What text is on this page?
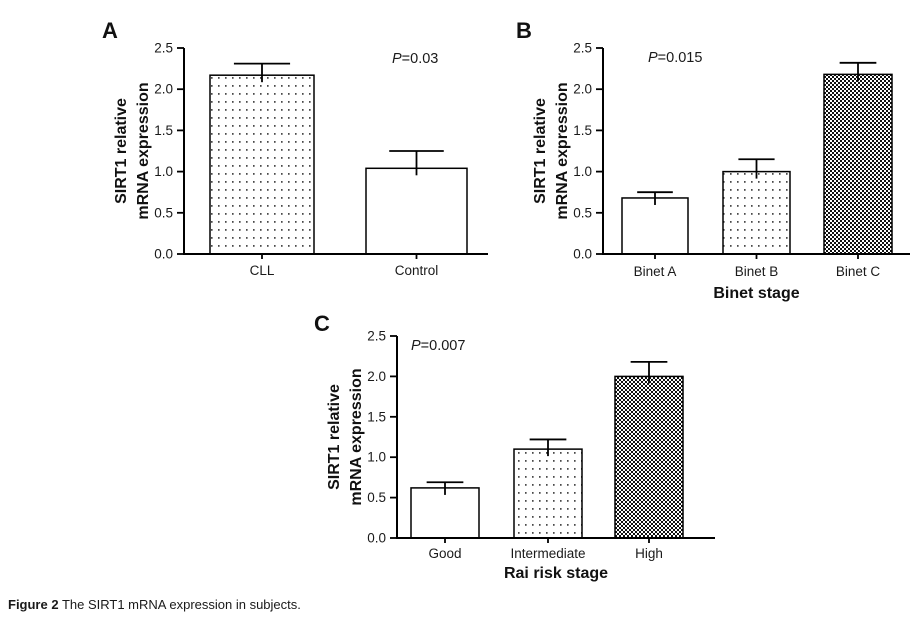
A
0.0
0.5
1.0
1.5
2.0
2.5
CLL	Control
SIRT1 relative mRNA expression
P=0.03
B
0.0
0.5
1.0
1.5
2.0
2.5
Binet A	Binet B	Binet C
Binet stage
SIRT1 relative mRNA expression
P=0.015
C
0.0
0.5
1.0
1.5
2.0
2.5
Good	Intermediate	High
Rai risk stage
SIRT1 relative mRNA expression
P=0.007
Figure 2 The SIRT1 mRNA expression in subjects.
